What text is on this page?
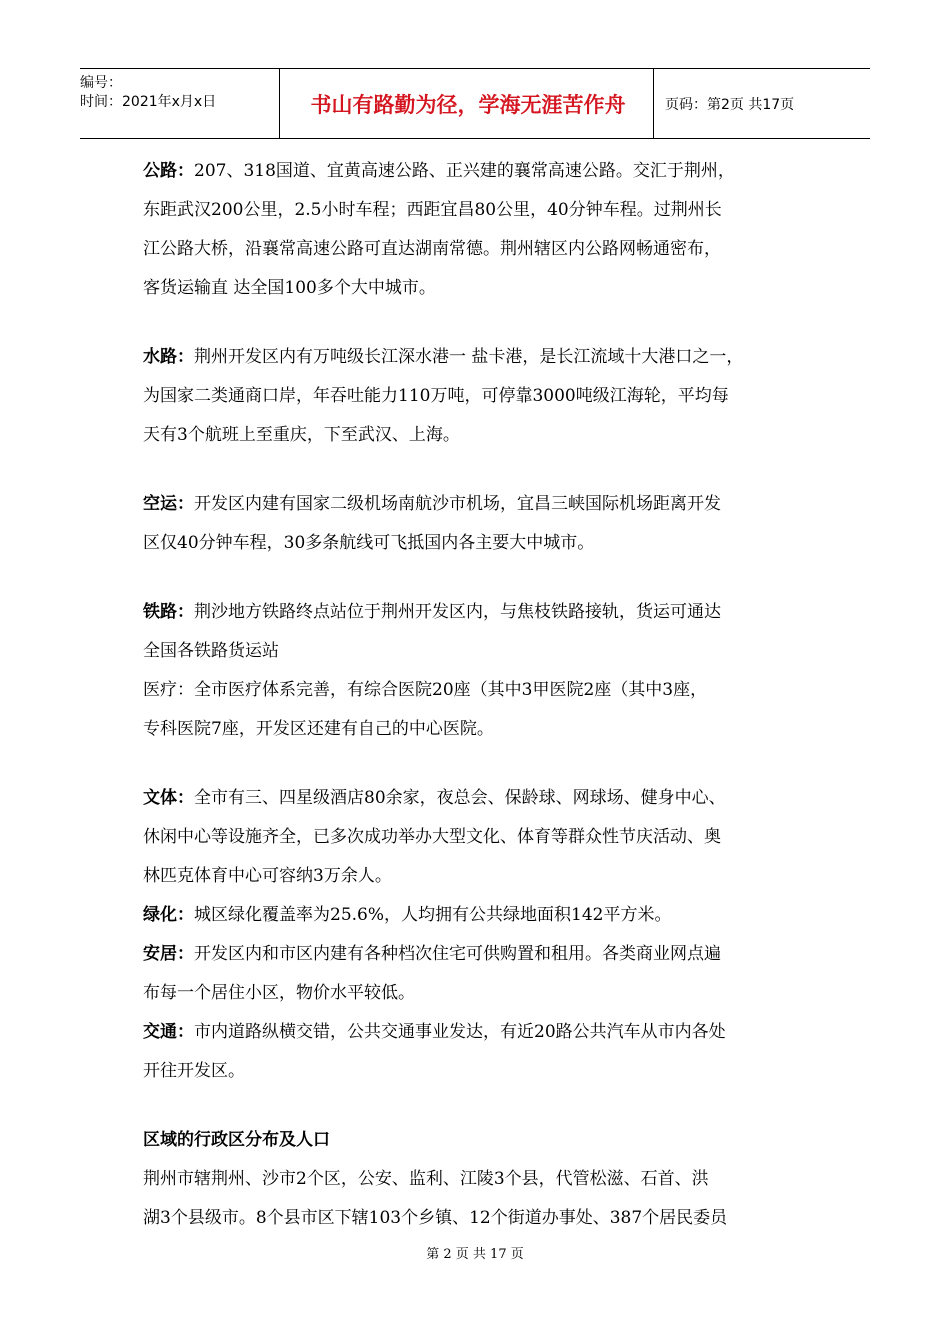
编号：
时间：2021年x月x日	书山有路勤为径，学海无涯苦作舟	页码：第2页 共17页

公路：207、318国道、宜黄高速公路、正兴建的襄常高速公路。交汇于荆州，
东距武汉200公里，2.5小时车程；西距宜昌80公里，40分钟车程。过荆州长
江公路大桥，沿襄常高速公路可直达湖南常德。荆州辖区内公路网畅通密布，
客货运输直 达全国100多个大中城市。

水路：荆州开发区内有万吨级长江深水港一 盐卡港，是长江流域十大港口之一，
为国家二类通商口岸，年吞吐能力110万吨，可停靠3000吨级江海轮，平均每
天有3个航班上至重庆，下至武汉、上海。

空运：开发区内建有国家二级机场南航沙市机场，宜昌三峡国际机场距离开发
区仅40分钟车程，30多条航线可飞抵国内各主要大中城市。

铁路：荆沙地方铁路终点站位于荆州开发区内，与焦枝铁路接轨，货运可通达
全国各铁路货运站

医疗：全市医疗体系完善，有综合医院20座（其中3甲医院2座（其中3座，
专科医院7座，开发区还建有自己的中心医院。

文体：全市有三、四星级酒店80余家，夜总会、保龄球、网球场、健身中心、
休闲中心等设施齐全，已多次成功举办大型文化、体育等群众性节庆活动、奥
林匹克体育中心可容纳3万余人。

绿化：城区绿化覆盖率为25.6%，人均拥有公共绿地面积142平方米。

安居：开发区内和市区内建有各种档次住宅可供购置和租用。各类商业网点遍
布每一个居住小区，物价水平较低。

交通：市内道路纵横交错，公共交通事业发达，有近20路公共汽车从市内各处
开往开发区。

区域的行政区分布及人口
荆州市辖荆州、沙市2个区，公安、监利、江陵3个县，代管松滋、石首、洪
湖3个县级市。8个县市区下辖103个乡镇、12个街道办事处、387个居民委员

第 2 页 共 17 页
